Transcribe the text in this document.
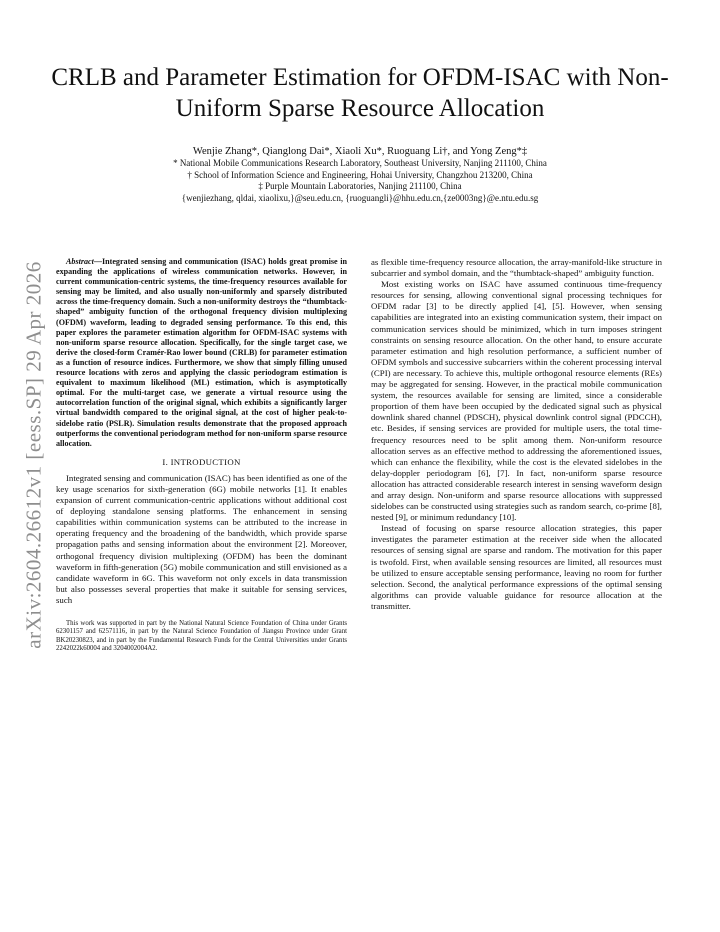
arXiv:2604.26612v1 [eess.SP] 29 Apr 2026
CRLB and Parameter Estimation for OFDM-ISAC with Non-Uniform Sparse Resource Allocation
Wenjie Zhang*, Qianglong Dai*, Xiaoli Xu*, Ruoguang Li†, and Yong Zeng*‡
* National Mobile Communications Research Laboratory, Southeast University, Nanjing 211100, China
† School of Information Science and Engineering, Hohai University, Changzhou 213200, China
‡ Purple Mountain Laboratories, Nanjing 211100, China
{wenjiezhang, qldai, xiaolixu,}@seu.edu.cn, {ruoguangli}@hhu.edu.cn,{ze0003ng}@e.ntu.edu.sg

Abstract—Integrated sensing and communication (ISAC) holds great promise in expanding the applications of wireless communication networks. However, in current communication-centric systems, the time-frequency resources available for sensing may be limited, and also usually non-uniformly and sparsely distributed across the time-frequency domain. Such a non-uniformity destroys the “thumbtack-shaped” ambiguity function of the orthogonal frequency division multiplexing (OFDM) waveform, leading to degraded sensing performance. To this end, this paper explores the parameter estimation algorithm for OFDM-ISAC systems with non-uniform sparse resource allocation. Specifically, for the single target case, we derive the closed-form Cramér-Rao lower bound (CRLB) for parameter estimation as a function of resource indices. Furthermore, we show that simply filling unused resource locations with zeros and applying the classic periodogram estimation is equivalent to maximum likelihood (ML) estimation, which is asymptotically optimal. For the multi-target case, we generate a virtual resource using the autocorrelation function of the original signal, which exhibits a significantly larger virtual bandwidth compared to the original signal, at the cost of higher peak-to-sidelobe ratio (PSLR). Simulation results demonstrate that the proposed approach outperforms the conventional periodogram method for non-uniform sparse resource allocation.

I. INTRODUCTION

Integrated sensing and communication (ISAC) has been identified as one of the key usage scenarios for sixth-generation (6G) mobile networks [1]. It enables expansion of current communication-centric applications without additional cost of deploying standalone sensing platforms. The enhancement in sensing capabilities within communication systems can be attributed to the increase in operating frequency and the broadening of the bandwidth, which provide sparse propagation paths and sensing information about the environment [2]. Moreover, orthogonal frequency division multiplexing (OFDM) has been the dominant waveform in fifth-generation (5G) mobile communication and still envisioned as a candidate waveform in 6G. This waveform not only excels in data transmission but also possesses several properties that make it suitable for sensing services, such

This work was supported in part by the National Natural Science Foundation of China under Grants 62301157 and 62571116, in part by the Natural Science Foundation of Jiangsu Province under Grant BK20230823, and in part by the Fundamental Research Funds for the Central Universities under Grants 2242022k60004 and 3204002004A2.

as flexible time-frequency resource allocation, the array-manifold-like structure in subcarrier and symbol domain, and the “thumbtack-shaped” ambiguity function.

Most existing works on ISAC have assumed continuous time-frequency resources for sensing, allowing conventional signal processing techniques for OFDM radar [3] to be directly applied [4], [5]. However, when sensing capabilities are integrated into an existing communication system, their impact on communication services should be minimized, which in turn imposes stringent constraints on sensing resource allocation. On the other hand, to ensure accurate parameter estimation and high resolution performance, a sufficient number of OFDM symbols and successive subcarriers within the coherent processing interval (CPI) are necessary. To achieve this, multiple orthogonal resource elements (REs) may be aggregated for sensing. However, in the practical mobile communication system, the resources available for sensing are limited, since a considerable proportion of them have been occupied by the dedicated signal such as physical downlink shared channel (PDSCH), physical downlink control signal (PDCCH), etc. Besides, if sensing services are provided for multiple users, the total time-frequency resources need to be split among them. Non-uniform resource allocation serves as an effective method to addressing the aforementioned issues, which can enhance the flexibility, while the cost is the elevated sidelobes in the delay-doppler periodogram [6], [7]. In fact, non-uniform sparse resource allocation has attracted considerable research interest in sensing waveform design and array design. Non-uniform and sparse resource allocations with suppressed sidelobes can be constructed using strategies such as random search, co-prime [8], nested [9], or minimum redundancy [10].

Instead of focusing on sparse resource allocation strategies, this paper investigates the parameter estimation at the receiver side when the allocated resources of sensing signal are sparse and random. The motivation for this paper is twofold. First, when available sensing resources are limited, all resources must be utilized to ensure acceptable sensing performance, leaving no room for further selection. Second, the analytical performance expressions of the optimal sensing algorithms can provide valuable guidance for resource allocation at the transmitter.
